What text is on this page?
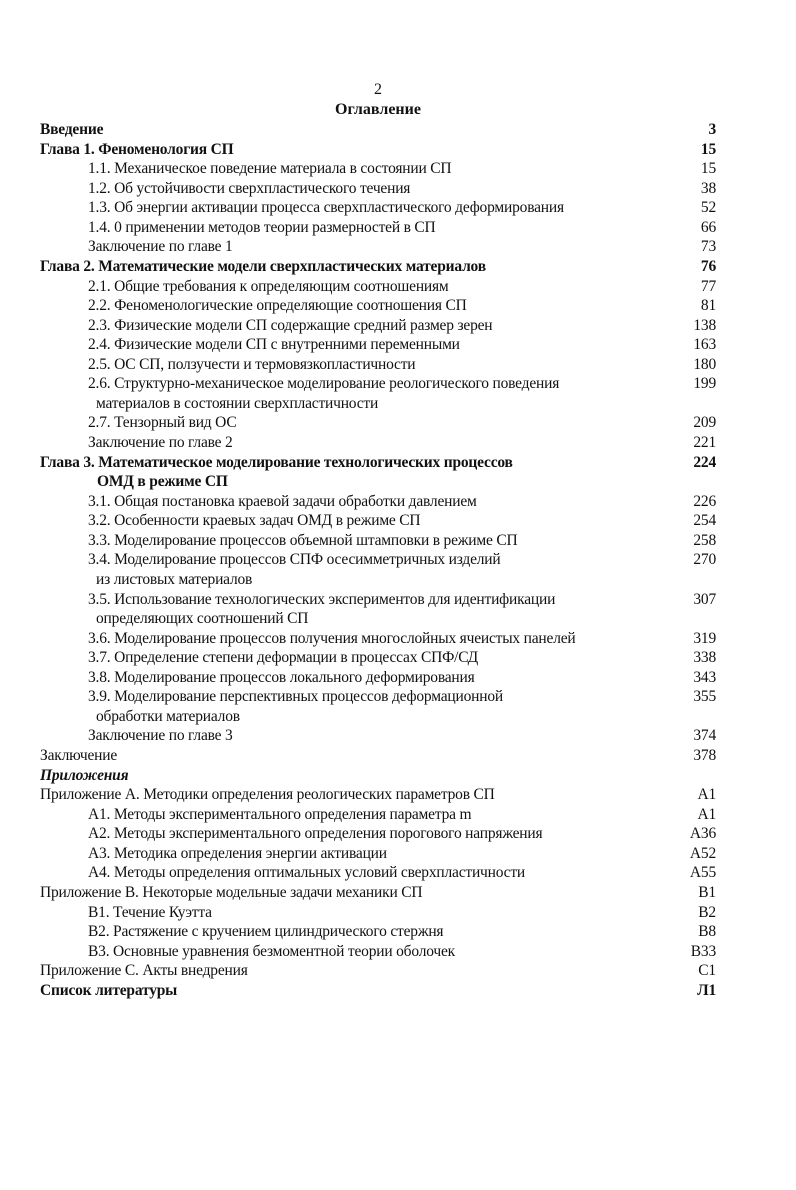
2
Оглавление
Введение	3
Глава 1. Феноменология СП	15
1.1. Механическое поведение материала в состоянии СП	15
1.2. Об устойчивости сверхпластического течения	38
1.3. Об энергии активации процесса сверхпластического деформирования	52
1.4. 0 применении методов теории размерностей в СП	66
Заключение по главе 1	73
Глава 2. Математические модели сверхпластических материалов	76
2.1. Общие требования к определяющим соотношениям	77
2.2. Феноменологические определяющие соотношения СП	81
2.3. Физические модели СП содержащие средний размер зерен	138
2.4. Физические модели СП с внутренними переменными	163
2.5. ОС СП, ползучести и термовязкопластичности	180
2.6. Структурно-механическое моделирование реологического поведения	199
материалов в состоянии сверхпластичности
2.7. Тензорный вид ОС	209
Заключение по главе 2	221
Глава 3. Математическое моделирование технологических процессов	224
ОМД в режиме СП
3.1. Общая постановка краевой задачи обработки давлением	226
3.2. Особенности краевых задач ОМД в режиме СП	254
3.3. Моделирование процессов объемной штамповки в режиме СП	258
3.4. Моделирование процессов СПФ осесимметричных изделий	270
из листовых материалов
3.5. Использование технологических экспериментов для идентификации	307
определяющих соотношений СП
3.6. Моделирование процессов получения многослойных ячеистых панелей	319
3.7. Определение степени деформации в процессах СПФ/СД	338
3.8. Моделирование процессов локального деформирования	343
3.9. Моделирование перспективных процессов деформационной	355
обработки материалов
Заключение по главе 3	374
Заключение	378
Приложения
Приложение А. Методики определения реологических параметров СП	A1
А1. Методы экспериментального определения параметра m	A1
А2. Методы экспериментального определения порогового напряжения	A36
А3. Методика определения энергии активации	A52
А4. Методы определения оптимальных условий сверхпластичности	A55
Приложение В. Некоторые модельные задачи механики СП	B1
В1. Течение Куэтта	B2
В2. Растяжение с кручением цилиндрического стержня	B8
В3. Основные уравнения безмоментной теории оболочек	B33
Приложение С. Акты внедрения	C1
Список литературы	Л1
